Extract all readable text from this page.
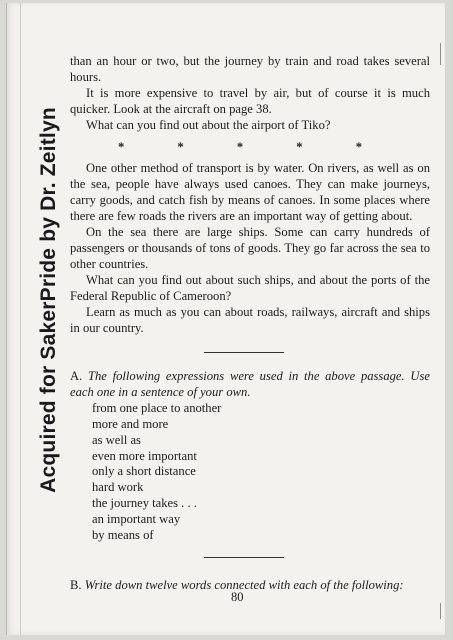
Acquired for SakerPride by Dr. Zeitlyn

than an hour or two, but the journey by train and road takes several hours.

It is more expensive to travel by air, but of course it is much quicker. Look at the aircraft on page 38.

What can you find out about the airport of Tiko?

*	*	*	*	*

One other method of transport is by water. On rivers, as well as on the sea, people have always used canoes. They can make journeys, carry goods, and catch fish by means of canoes. In some places where there are few roads the rivers are an important way of getting about.

On the sea there are large ships. Some can carry hundreds of passengers or thousands of tons of goods. They go far across the sea to other countries.

What can you find out about such ships, and about the ports of the Federal Republic of Cameroon?

Learn as much as you can about roads, railways, aircraft and ships in our country.

A. The following expressions were used in the above passage. Use each one in a sentence of your own.

from one place to another
more and more
as well as
even more important
only a short distance
hard work
the journey takes . . .
an important way
by means of

B. Write down twelve words connected with each of the following:

80
